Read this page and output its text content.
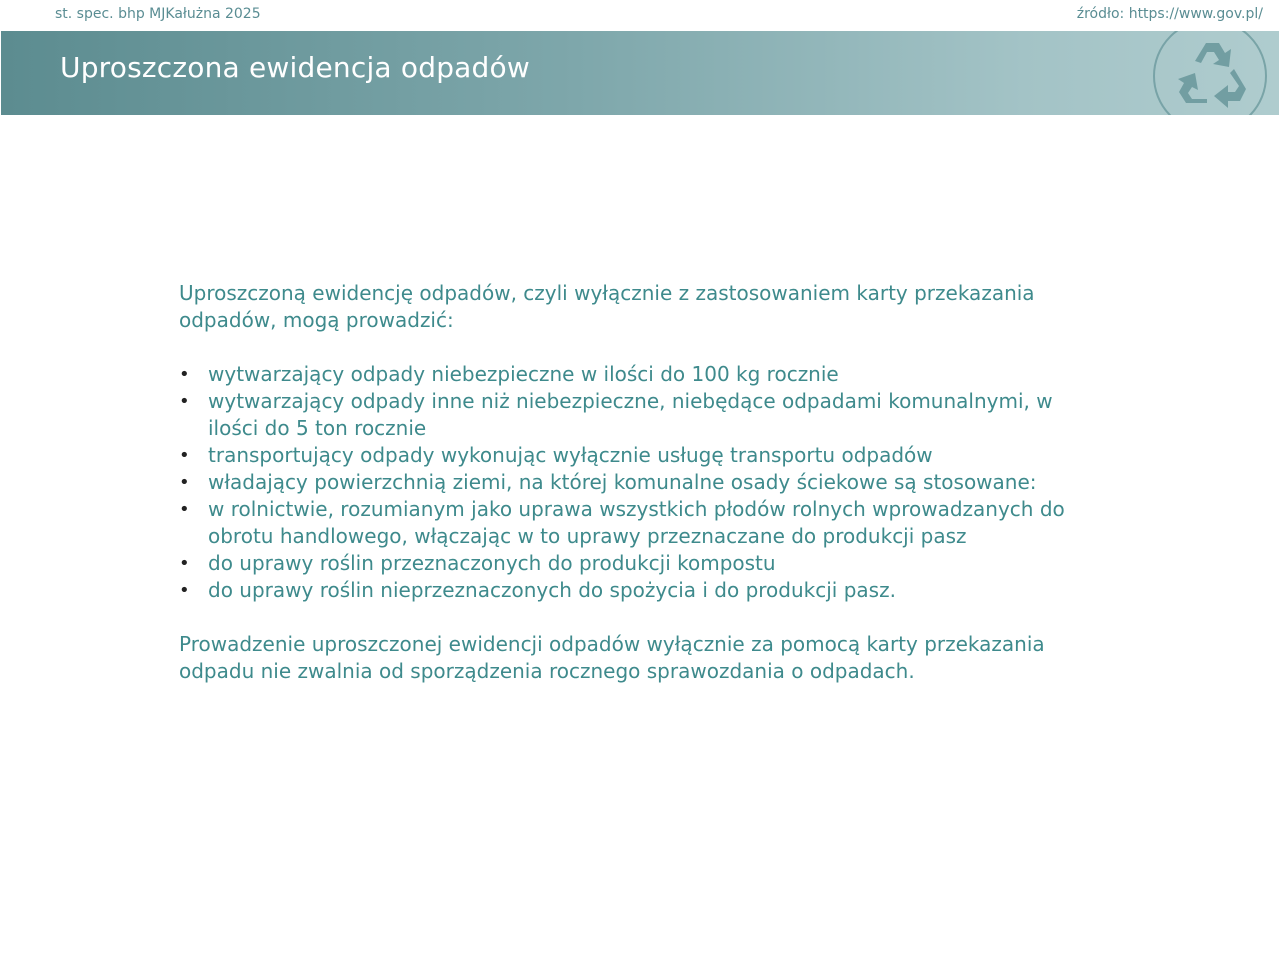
st. spec. bhp MJKałużna 2025	źródło: https://www.gov.pl/
Uproszczona ewidencja odpadów

Uproszczoną ewidencję odpadów, czyli wyłącznie z zastosowaniem karty przekazania odpadów, mogą prowadzić:

• wytwarzający odpady niebezpieczne w ilości do 100 kg rocznie
• wytwarzający odpady inne niż niebezpieczne, niebędące odpadami komunalnymi, w ilości do 5 ton rocznie
• transportujący odpady wykonując wyłącznie usługę transportu odpadów
• władający powierzchnią ziemi, na której komunalne osady ściekowe są stosowane:
• w rolnictwie, rozumianym jako uprawa wszystkich płodów rolnych wprowadzanych do obrotu handlowego, włączając w to uprawy przeznaczane do produkcji pasz
• do uprawy roślin przeznaczonych do produkcji kompostu
• do uprawy roślin nieprzeznaczonych do spożycia i do produkcji pasz.

Prowadzenie uproszczonej ewidencji odpadów wyłącznie za pomocą karty przekazania odpadu nie zwalnia od sporządzenia rocznego sprawozdania o odpadach.
